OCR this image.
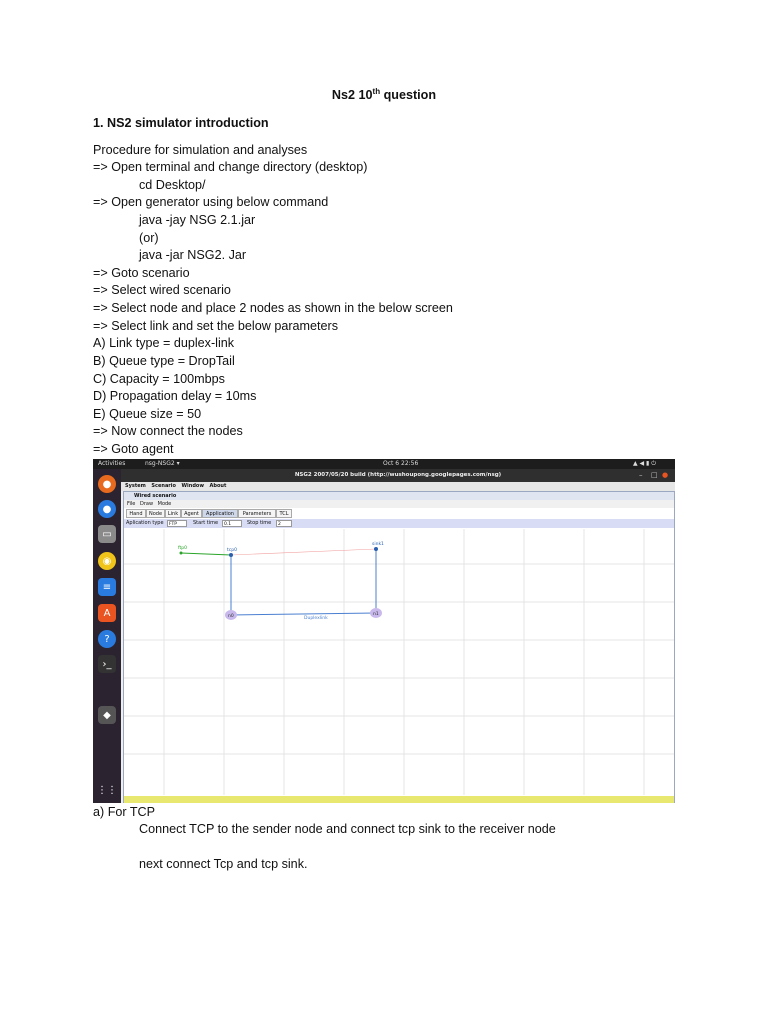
Ns2 10th question
1. NS2 simulator introduction
Procedure for simulation and analyses
=> Open terminal and change directory (desktop)
cd Desktop/
=> Open generator using below command
java -jay NSG 2.1.jar
(or)
java -jar NSG2. Jar
=> Goto scenario
=> Select wired scenario
=> Select node and place 2 nodes as shown in the below screen
=> Select link and set the below parameters
A) Link type = duplex-link
B) Queue type = DropTail
C) Capacity = 100mbps
D) Propagation delay = 10ms
E) Queue size = 50
=> Now connect the nodes
=> Goto agent
Activities	nsg-NSG2 ▾	Oct 6 22:56	▲ ◀ ▮ ⏻
●
●
▭
◉
≡
A
?
›_
◆
⋮⋮
NSG2 2007/05/20 build (http://wushoupong.googlepages.com/nsg)	– □ ●
System Scenario Window About
Wired scenario
File Draw Mode
Hand	Node	Link	Agent	Application	Parameters	TCL
Aplication type	FTP	Start time	0.1	Stop time	2
ftp0	tcp0
sink1
n0	n1
Duplexlink
a) For TCP
Connect TCP to the sender node and connect tcp sink to the receiver node
next connect Tcp and tcp sink.
